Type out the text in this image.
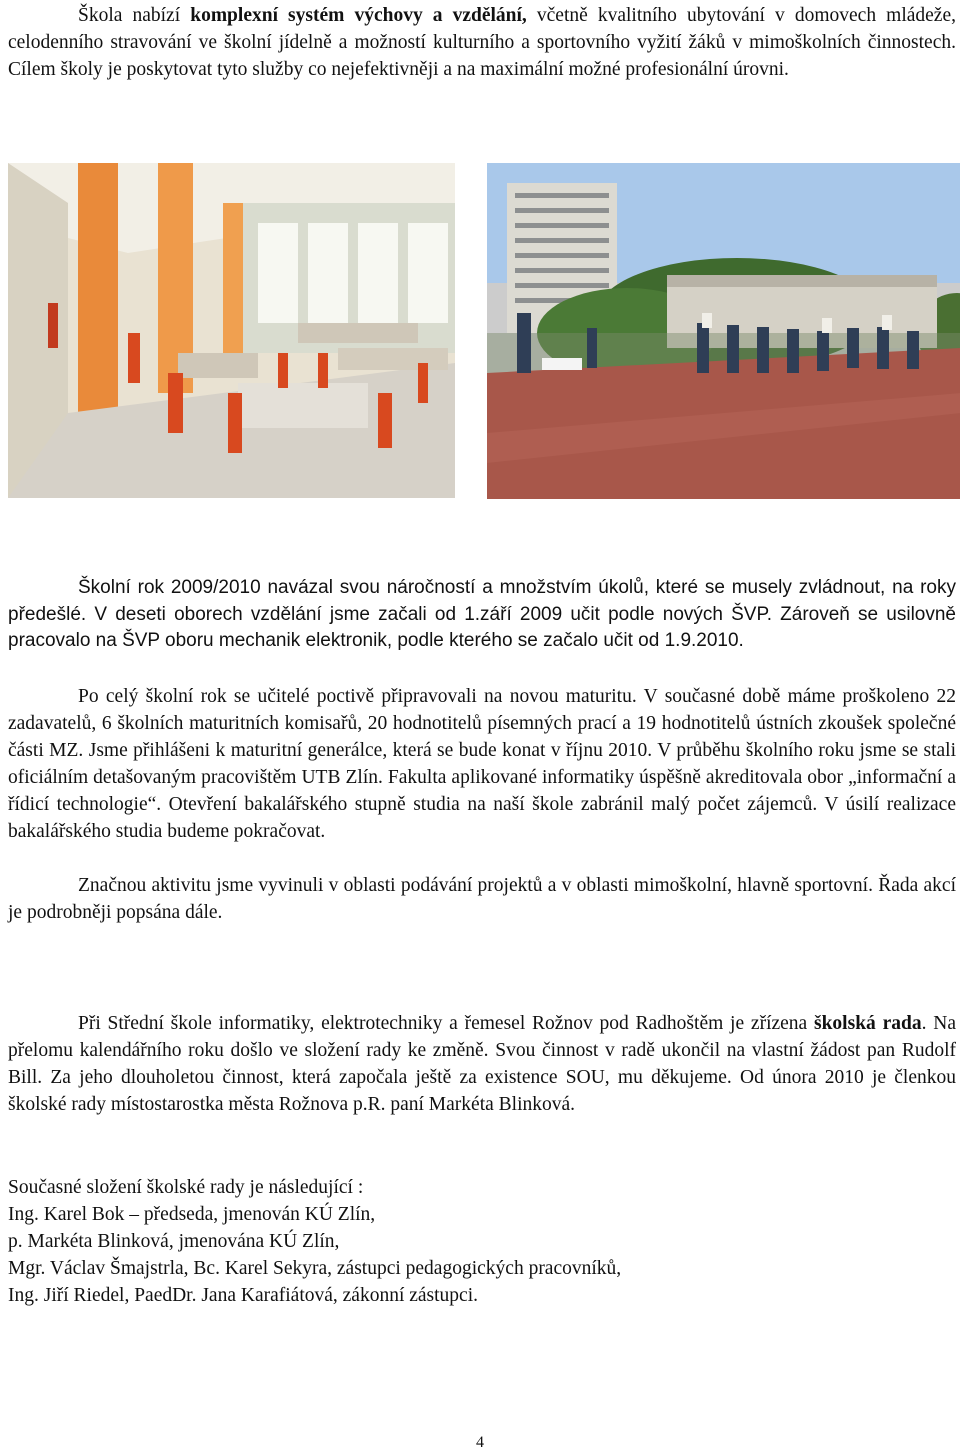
Škola nabízí komplexní systém výchovy a vzdělání, včetně kvalitního ubytování v domovech mládeže, celodenního stravování ve školní jídelně a možností kulturního a sportovního vyžití žáků v mimoškolních činnostech. Cílem školy je poskytovat tyto služby co nejefektivněji a na maximální možné profesionální úrovni.

Školní rok 2009/2010 navázal svou náročností a množstvím úkolů, které se musely zvládnout, na roky předešlé. V deseti oborech vzdělání jsme začali od 1.září 2009 učit podle nových ŠVP. Zároveň se usilovně pracovalo na ŠVP oboru mechanik elektronik, podle kterého se začalo učit od 1.9.2010.

Po celý školní rok se učitelé poctivě připravovali na novou maturitu. V současné době máme proškoleno 22 zadavatelů, 6 školních maturitních komisařů, 20 hodnotitelů písemných prací a 19 hodnotitelů ústních zkoušek společné části MZ. Jsme přihlášeni k maturitní generálce, která se bude konat v říjnu 2010. V průběhu školního roku jsme se stali oficiálním detašovaným pracovištěm UTB Zlín. Fakulta aplikované informatiky úspěšně akreditovala obor „informační a řídicí technologie“. Otevření bakalářského stupně studia na naší škole zabránil malý počet zájemců. V úsilí realizace bakalářského studia budeme pokračovat.

Značnou aktivitu jsme vyvinuli v oblasti podávání projektů a v oblasti mimoškolní, hlavně sportovní. Řada akcí je podrobněji popsána dále.

Při Střední škole informatiky, elektrotechniky a řemesel Rožnov pod Radhoštěm je zřízena školská rada. Na přelomu kalendářního roku došlo ve složení rady ke změně. Svou činnost v radě ukončil na vlastní žádost pan Rudolf Bill. Za jeho dlouholetou činnost, která započala ještě za existence SOU, mu děkujeme. Od února 2010 je členkou školské rady místostarostka města Rožnova p.R. paní Markéta Blinková.

Současné složení školské rady je následující :
Ing. Karel Bok – předseda, jmenován KÚ Zlín,
p. Markéta Blinková, jmenována KÚ Zlín,
Mgr. Václav Šmajstrla, Bc. Karel Sekyra, zástupci pedagogických pracovníků,
Ing. Jiří Riedel, PaedDr. Jana Karafiátová, zákonní zástupci.
4
